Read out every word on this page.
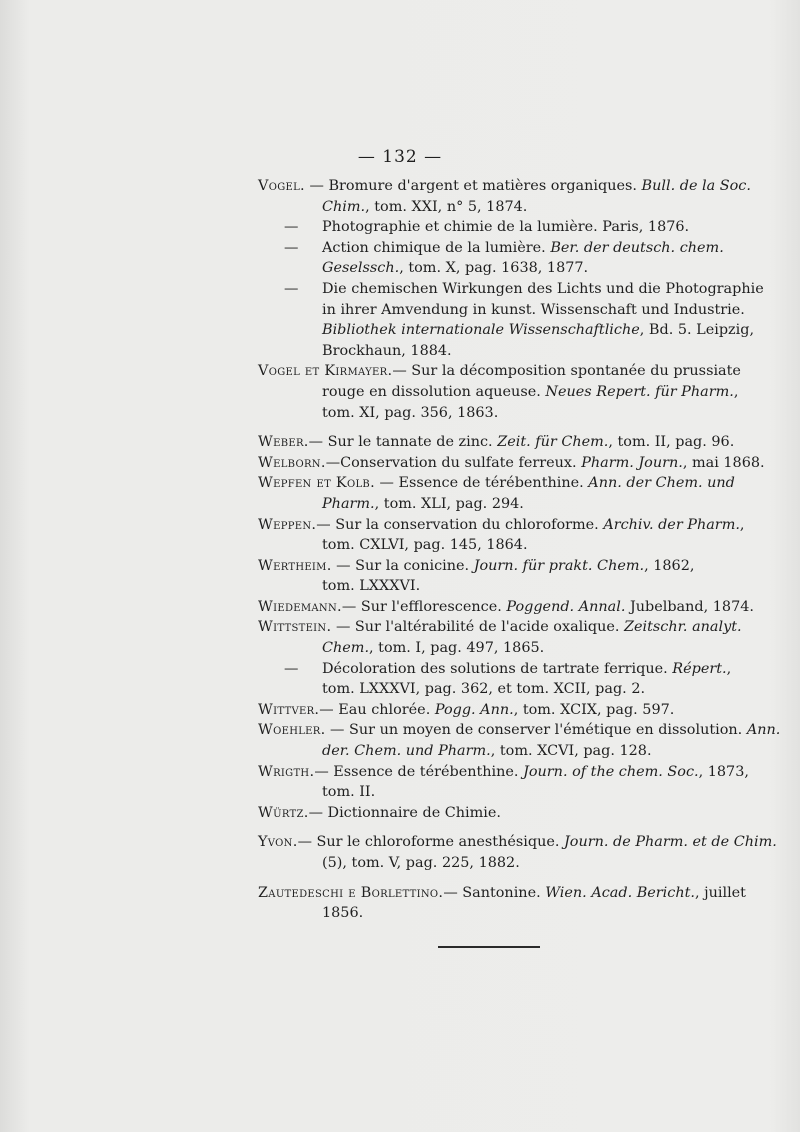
— 132 —
Vogel. — Bromure d'argent et matières organiques. Bull. de la Soc.
Chim., tom. XXI, n° 5, 1874.
— Photographie et chimie de la lumière. Paris, 1876.
— Action chimique de la lumière. Ber. der deutsch. chem.
Geselssch., tom. X, pag. 1638, 1877.
— Die chemischen Wirkungen des Lichts und die Photographie
in ihrer Amvendung in kunst. Wissenschaft und Industrie.
Bibliothek internationale Wissenschaftliche, Bd. 5. Leipzig,
Brockhaun, 1884.
Vogel et Kirmayer.— Sur la décomposition spontanée du prussiate
rouge en dissolution aqueuse. Neues Repert. für Pharm.,
tom. XI, pag. 356, 1863.
Weber.— Sur le tannate de zinc. Zeit. für Chem., tom. II, pag. 96.
Welborn.—Conservation du sulfate ferreux. Pharm. Journ., mai 1868.
Wepfen et Kolb. — Essence de térébenthine. Ann. der Chem. und
Pharm., tom. XLI, pag. 294.
Weppen.— Sur la conservation du chloroforme. Archiv. der Pharm.,
tom. CXLVI, pag. 145, 1864.
Wertheim. — Sur la conicine. Journ. für prakt. Chem., 1862,
tom. LXXXVI.
Wiedemann.— Sur l'efflorescence. Poggend. Annal. Jubelband, 1874.
Wittstein. — Sur l'altérabilité de l'acide oxalique. Zeitschr. analyt.
Chem., tom. I, pag. 497, 1865.
— Décoloration des solutions de tartrate ferrique. Répert.,
tom. LXXXVI, pag. 362, et tom. XCII, pag. 2.
Wittver.— Eau chlorée. Pogg. Ann., tom. XCIX, pag. 597.
Woehler. — Sur un moyen de conserver l'émétique en dissolution. Ann.
der. Chem. und Pharm., tom. XCVI, pag. 128.
Wrigth.— Essence de térébenthine. Journ. of the chem. Soc., 1873,
tom. II.
Würtz.— Dictionnaire de Chimie.
Yvon.— Sur le chloroforme anesthésique. Journ. de Pharm. et de Chim.
(5), tom. V, pag. 225, 1882.
Zautedeschi e Borlettino.— Santonine. Wien. Acad. Bericht., juillet
1856.
